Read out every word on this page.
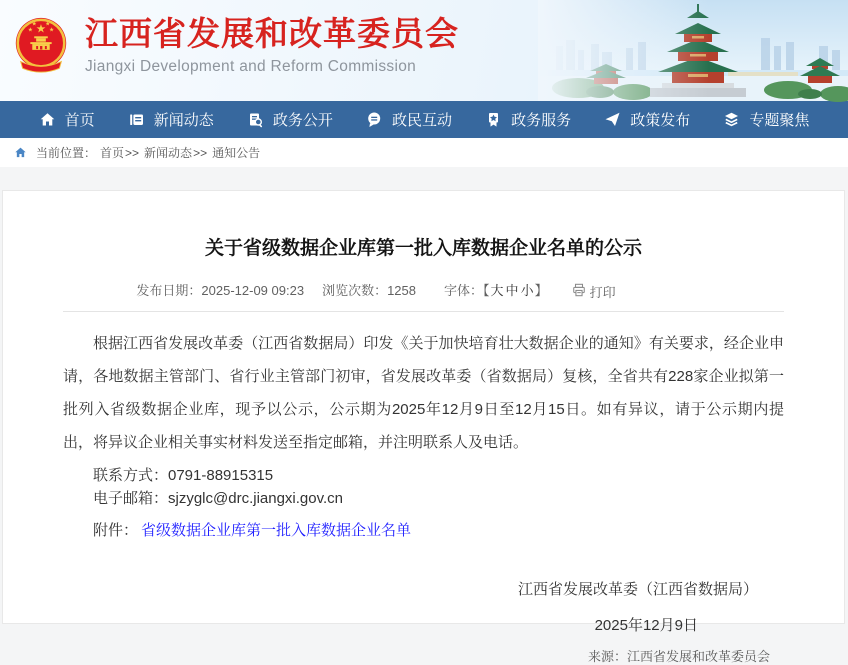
★
★	★
★ ★ 江西省发展和改革委员会
Jiangxi Development and Reform Commission
首页	新闻动态	政务公开	政民互动	政务服务	政策发布	专题聚焦
当前位置： 首页 >> 新闻动态 >> 通知公告
关于省级数据企业库第一批入库数据企业名单的公示
发布日期：2025-12-09 09:23 浏览次数：1258 字体：【大 中 小】	打印

根据江西省发展改革委（江西省数据局）印发《关于加快培育壮大数据企业的通知》有关要求，经企业申请，各地数据主管部门、省行业主管部门初审，省发展改革委（省数据局）复核，全省共有228家企业拟第一批列入省级数据企业库，现予以公示，公示期为2025年12月9日至12月15日。如有异议，请于公示期内提出，将异议企业相关事实材料发送至指定邮箱，并注明联系人及电话。

联系方式：0791-88915315

电子邮箱：sjzyglc@drc.jiangxi.gov.cn

附件： 省级数据企业库第一批入库数据企业名单

江西省发展改革委（江西省数据局）
2025年12月9日
来源：江西省发展和改革委员会
